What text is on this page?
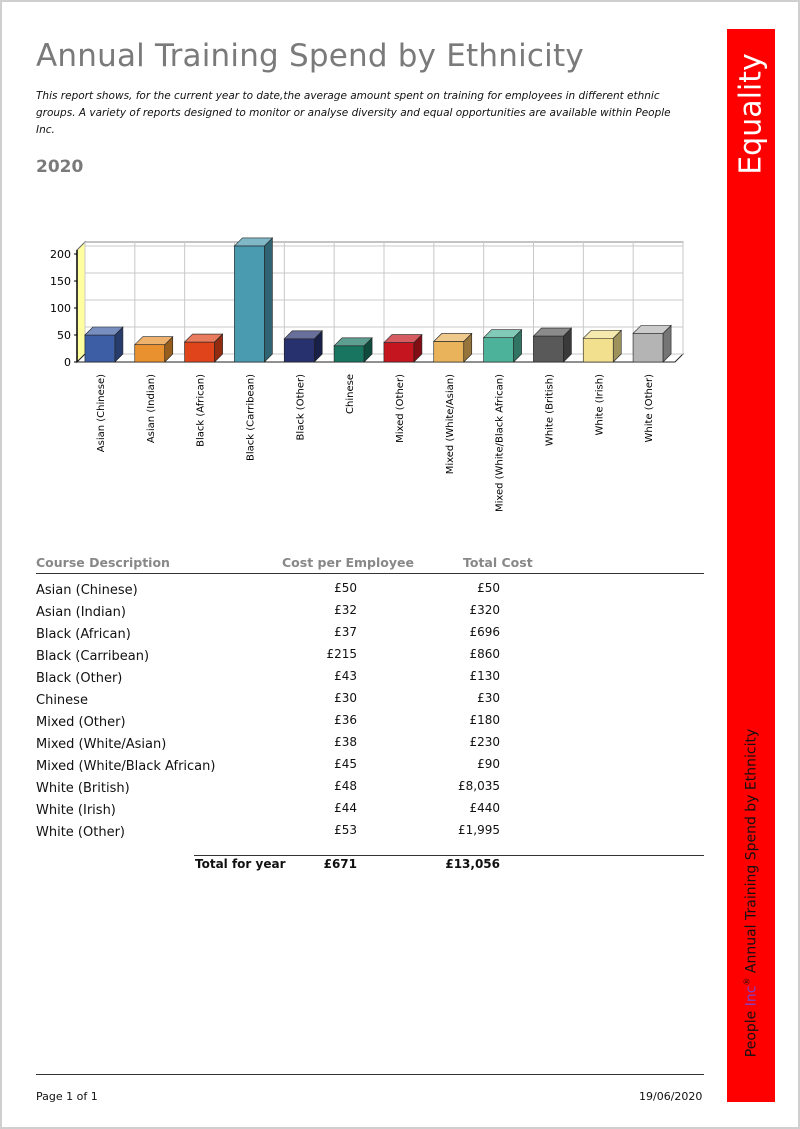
Annual Training Spend by Ethnicity
This report shows, for the current year to date,the average amount spent on training for employees in different ethnic groups. A variety of reports designed to monitor or analyse diversity and equal opportunities are available within People Inc.
2020
0
50
100
150
200
Asian (Chinese)	Asian (Indian)	Black (African)	Black (Carribean)	Black (Other)	Chinese	Mixed (Other)	Mixed (White/Asian)	Mixed (White/Black African)	White (British)	White (Irish)	White (Other)
Course Description	Cost per Employee	Total Cost
Asian (Chinese)	£50	£50
Asian (Indian)	£32	£320
Black (African)	£37	£696
Black (Carribean)	£215	£860
Black (Other)	£43	£130
Chinese	£30	£30
Mixed (Other)	£36	£180
Mixed (White/Asian)	£38	£230
Mixed (White/Black African)	£45	£90
White (British)	£48	£8,035
White (Irish)	£44	£440
White (Other)	£53	£1,995
Total for year	£671	£13,056
Page 1 of 1	19/06/2020
Equality
People Inc® Annual Training Spend by Ethnicity
